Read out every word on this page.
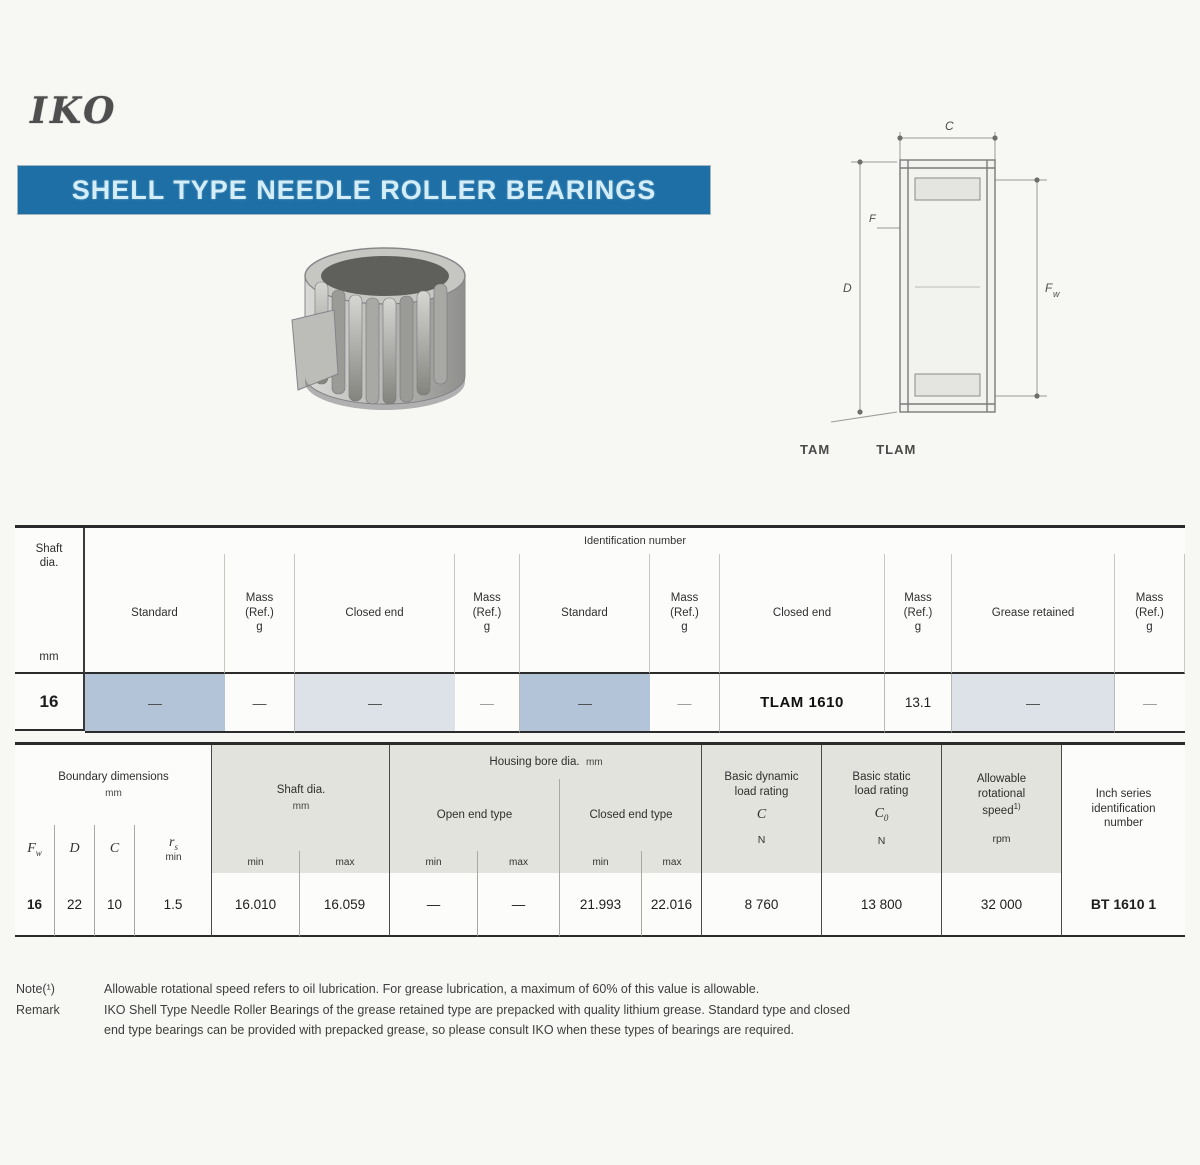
IKO
SHELL TYPE NEEDLE ROLLER BEARINGS
C
D
F
F w
TAM	TLAM
Shaft
dia.
mm
Identification number
Standard
Mass
(Ref.)
g
Closed end
Mass
(Ref.)
g
Standard
Mass
(Ref.)
g
Closed end
Mass
(Ref.)
g
Grease retained
Mass
(Ref.)
g
16	—	—	—	—	—	—	TLAM 1610	13.1	—	—
Boundary dimensions
mm
$F_w$ D C	$r_s$
min
Shaft dia.
mm
min	max
Housing bore dia. mm
Open end type	Closed end type
min	max	min	max
Basic dynamic
load rating
C
N
Basic static
load rating
$C_0$
N
Allowable
rotational
speed$^{1)}$
rpm
Inch series
identification
number
16	22	10	1.5	16.010	16.059	—	—	21.993	22.016	8 760	13 800	32 000	BT 1610 1
Note(¹)	Allowable rotational speed refers to oil lubrication. For grease lubrication, a maximum of 60% of this value is allowable.
Remark	IKO Shell Type Needle Roller Bearings of the grease retained type are prepacked with quality lithium grease. Standard type and closed
end type bearings can be provided with prepacked grease, so please consult IKO when these types of bearings are required.
